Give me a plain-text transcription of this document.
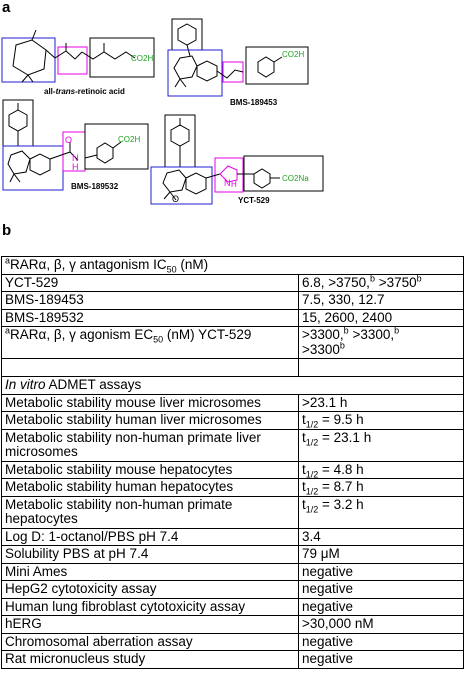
a
CO2H
all-trans-retinoic acid
CO2H
BMS-189453
O
N
H
CO2H
BMS-189532
O
N H
CO2Na
YCT-529
b
$^a$RARα, β, γ antagonism $IC_{50}$ (nM)	
YCT-529	6.8, $>3750,^b >3750^b$
BMS-189453	7.5, 330, 12.7
BMS-189532	15, 2600, 2400
$^a$RARα, β, γ agonism $EC_{50}$ (nM) YCT-529	>3300,$^b$ >3300,$^b$
$>3300^b$

In vitro ADMET assays	
Metabolic stability mouse liver microsomes	>23.1 h
Metabolic stability human liver microsomes	$t_{1/2} = 9.5$ h
Metabolic stability non-human primate liver microsomes	$t_{1/2} = 23.1$ h
Metabolic stability mouse hepatocytes	$t_{1/2} = 4.8$ h
Metabolic stability human hepatocytes	$t_{1/2} = 8.7$ h
Metabolic stability non-human primate hepatocytes	$t_{1/2} = 3.2$ h
Log D: 1-octanol/PBS pH 7.4	3.4
Solubility PBS at pH 7.4	79 μM
Mini Ames	negative
HepG2 cytotoxicity assay	negative
Human lung fibroblast cytotoxicity assay	negative
hERG	>30,000 nM
Chromosomal aberration assay	negative
Rat micronucleus study	negative
